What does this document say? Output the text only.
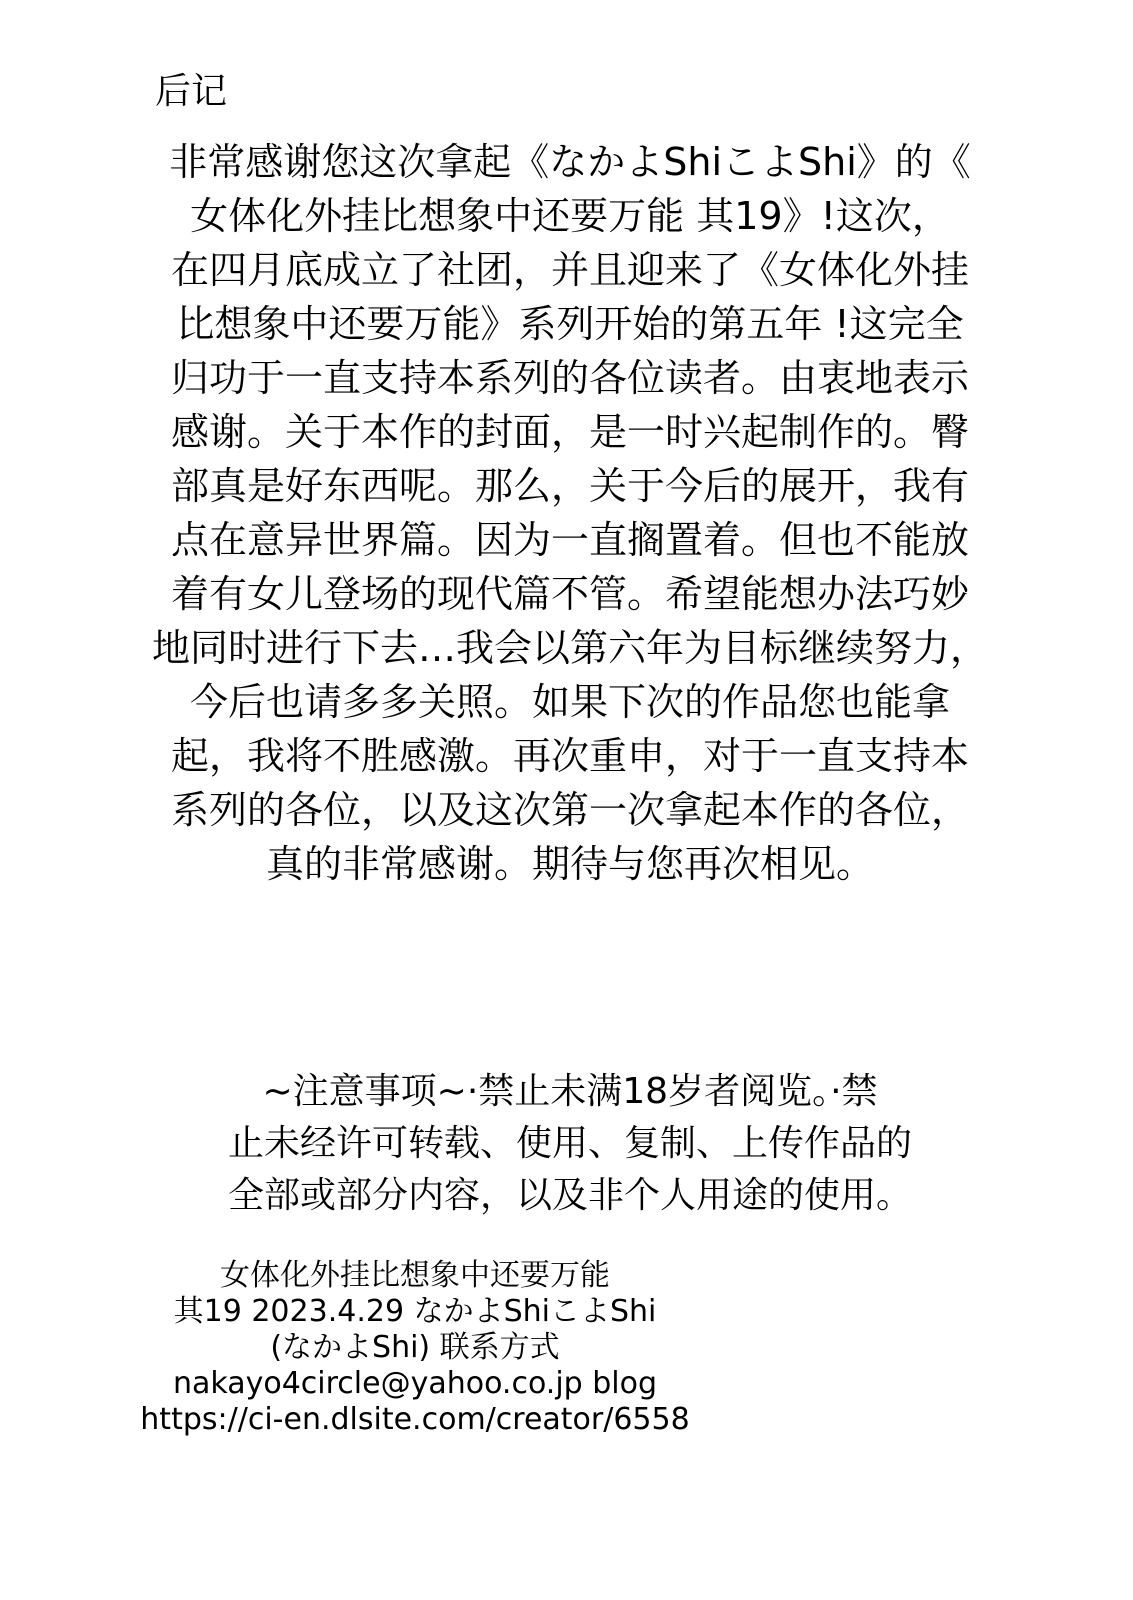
后记
非常感谢您这次拿起《なかよShiこよShi》的《
女体化外挂比想象中还要万能 其19》!这次，
在四月底成立了社团，并且迎来了《女体化外挂
比想象中还要万能》系列开始的第五年 !这完全
归功于一直支持本系列的各位读者。由衷地表示
感谢。关于本作的封面，是一时兴起制作的。臀
部真是好东西呢。那么，关于今后的展开，我有
点在意异世界篇。因为一直搁置着。但也不能放
着有女儿登场的现代篇不管。希望能想办法巧妙
地同时进行下去…我会以第六年为目标继续努力，
今后也请多多关照。如果下次的作品您也能拿
起，我将不胜感激。再次重申，对于一直支持本
系列的各位，以及这次第一次拿起本作的各位，
真的非常感谢。期待与您再次相见。
~注意事项~·禁止未满18岁者阅览。·禁
止未经许可转载、使用、复制、上传作品的
全部或部分内容，以及非个人用途的使用。
女体化外挂比想象中还要万能
其19 2023.4.29 なかよShiこよShi
(なかよShi) 联系方式
nakayo4circle@yahoo.co.jp blog
https://ci-en.dlsite.com/creator/6558
